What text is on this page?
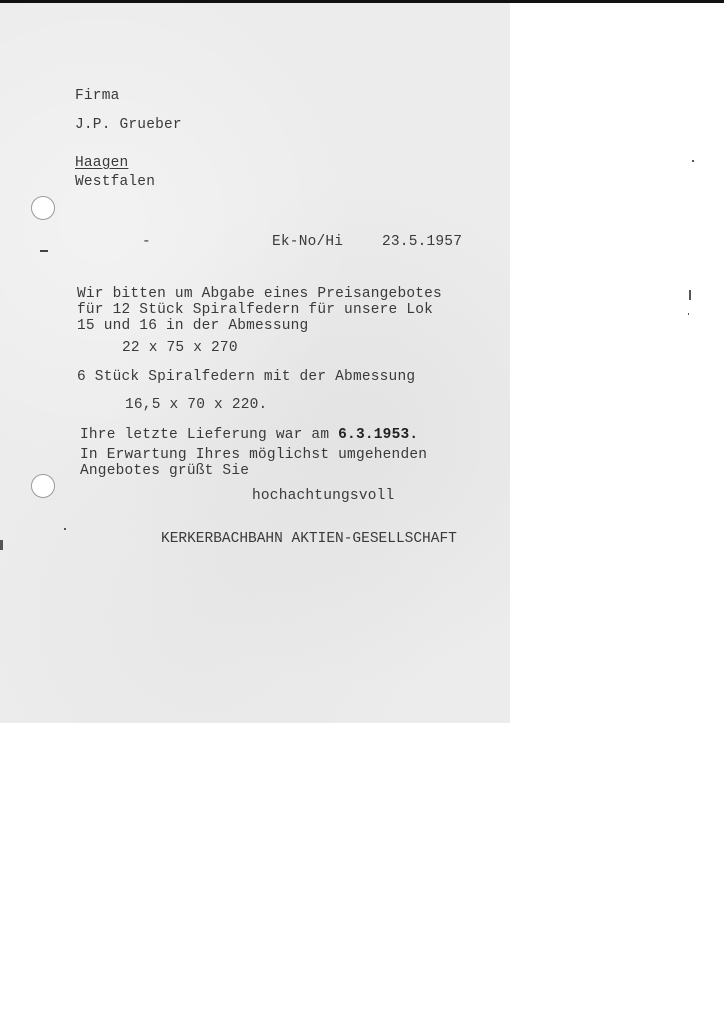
Firma

J.P. Grueber

Haagen

Westfalen

-	Ek-No/Hi	23.5.1957

Wir bitten um Abgabe eines Preisangebotes

für 12 Stück Spiralfedern für unsere Lok

15 und 16 in der Abmessung

22 x 75 x 270

6 Stück Spiralfedern mit der Abmessung

16,5 x 70 x 220.

Ihre letzte Lieferung war am 6.3.1953.

In Erwartung Ihres möglichst umgehenden

Angebotes grüßt Sie

hochachtungsvoll

KERKERBACHBAHN AKTIEN-GESELLSCHAFT
